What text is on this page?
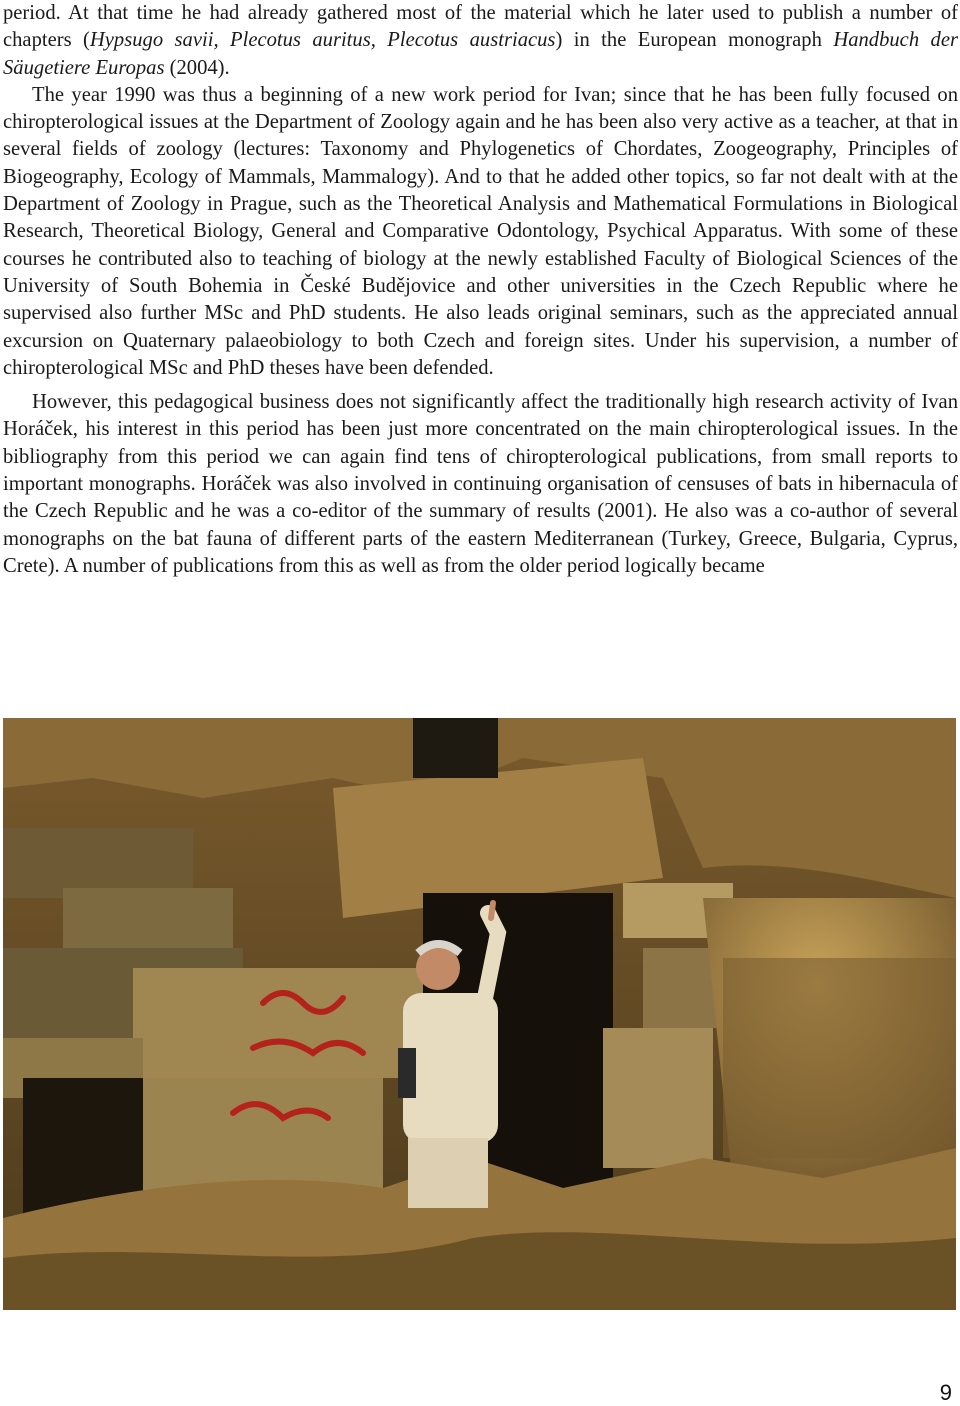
period. At that time he had already gathered most of the material which he later used to publish a number of chapters (Hypsugo savii, Plecotus auritus, Plecotus austriacus) in the European monograph Handbuch der Säugetiere Europas (2004).

The year 1990 was thus a beginning of a new work period for Ivan; since that he has been fully focused on chiropterological issues at the Department of Zoology again and he has been also very active as a teacher, at that in several fields of zoology (lectures: Taxonomy and Phylogenetics of Chordates, Zoogeography, Principles of Biogeography, Ecology of Mammals, Mammalogy). And to that he added other topics, so far not dealt with at the Department of Zoology in Prague, such as the Theoretical Analysis and Mathematical Formulations in Biological Research, Theoretical Biology, General and Comparative Odontology, Psychical Apparatus. With some of these courses he contributed also to teaching of biology at the newly established Faculty of Biological Sciences of the University of South Bohemia in České Budějovice and other universities in the Czech Republic where he supervised also further MSc and PhD students. He also leads original seminars, such as the appreciated annual excursion on Quaternary palaeobiology to both Czech and foreign sites. Under his supervision, a number of chiropterological MSc and PhD theses have been defended.

However, this pedagogical business does not significantly affect the traditionally high research activity of Ivan Horáček, his interest in this period has been just more concentrated on the main chiropterological issues. In the bibliography from this period we can again find tens of chiropterological publications, from small reports to important monographs. Horáček was also involved in continuing organisation of censuses of bats in hibernacula of the Czech Republic and he was a co-editor of the summary of results (2001). He also was a co-author of several monographs on the bat fauna of different parts of the eastern Mediterranean (Turkey, Greece, Bulgaria, Cyprus, Crete). A number of publications from this as well as from the older period logically became

9
